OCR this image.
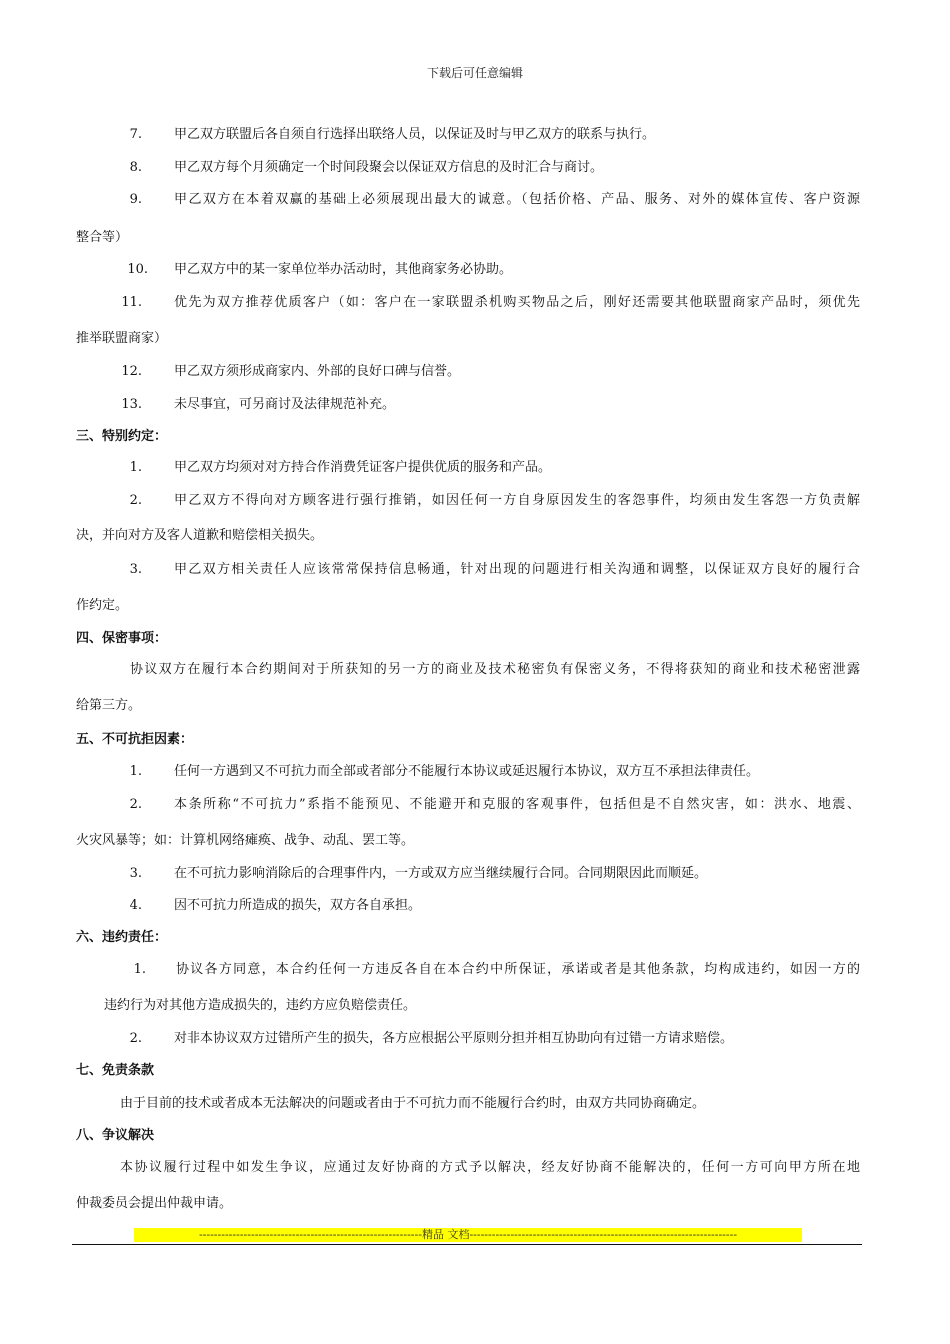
下载后可任意编辑
7. 甲乙双方联盟后各自须自行选择出联络人员，以保证及时与甲乙双方的联系与执行。
8. 甲乙双方每个月须确定一个时间段聚会以保证双方信息的及时汇合与商讨。
9. 甲乙双方在本着双赢的基础上必须展现出最大的诚意。（包括价格、产品、服务、对外的媒体宣传、客户资源
整合等）
10. 甲乙双方中的某一家单位举办活动时，其他商家务必协助。
11. 优先为双方推荐优质客户（如：客户在一家联盟杀机购买物品之后，刚好还需要其他联盟商家产品时，须优先
推举联盟商家）
12. 甲乙双方须形成商家内、外部的良好口碑与信誉。
13. 未尽事宜，可另商讨及法律规范补充。
三、特别约定：
1. 甲乙双方均须对对方持合作消费凭证客户提供优质的服务和产品。
2. 甲乙双方不得向对方顾客进行强行推销，如因任何一方自身原因发生的客怨事件，均须由发生客怨一方负责解
决，并向对方及客人道歉和赔偿相关损失。
3. 甲乙双方相关责任人应该常常保持信息畅通，针对出现的问题进行相关沟通和调整，以保证双方良好的履行合
作约定。
四、保密事项：
协议双方在履行本合约期间对于所获知的另一方的商业及技术秘密负有保密义务，不得将获知的商业和技术秘密泄露
给第三方。
五、不可抗拒因素：
1. 任何一方遇到又不可抗力而全部或者部分不能履行本协议或延迟履行本协议，双方互不承担法律责任。
2. 本条所称“不可抗力”系指不能预见、不能避开和克服的客观事件，包括但是不自然灾害，如：洪水、地震、
火灾风暴等；如：计算机网络瘫痪、战争、动乱、罢工等。
3. 在不可抗力影响消除后的合理事件内，一方或双方应当继续履行合同。合同期限因此而顺延。
4. 因不可抗力所造成的损失，双方各自承担。
六、违约责任：
1. 协议各方同意，本合约任何一方违反各自在本合约中所保证，承诺或者是其他条款，均构成违约，如因一方的
违约行为对其他方造成损失的，违约方应负赔偿责任。
2. 对非本协议双方过错所产生的损失，各方应根据公平原则分担并相互协助向有过错一方请求赔偿。
七、免责条款
由于目前的技术或者成本无法解决的问题或者由于不可抗力而不能履行合约时，由双方共同协商确定。
八、争议解决
本协议履行过程中如发生争议，应通过友好协商的方式予以解决，经友好协商不能解决的，任何一方可向甲方所在地
仲裁委员会提出仲裁申请。
------------------------------------------------------------精品 文档------------------------------------------------------------------------
